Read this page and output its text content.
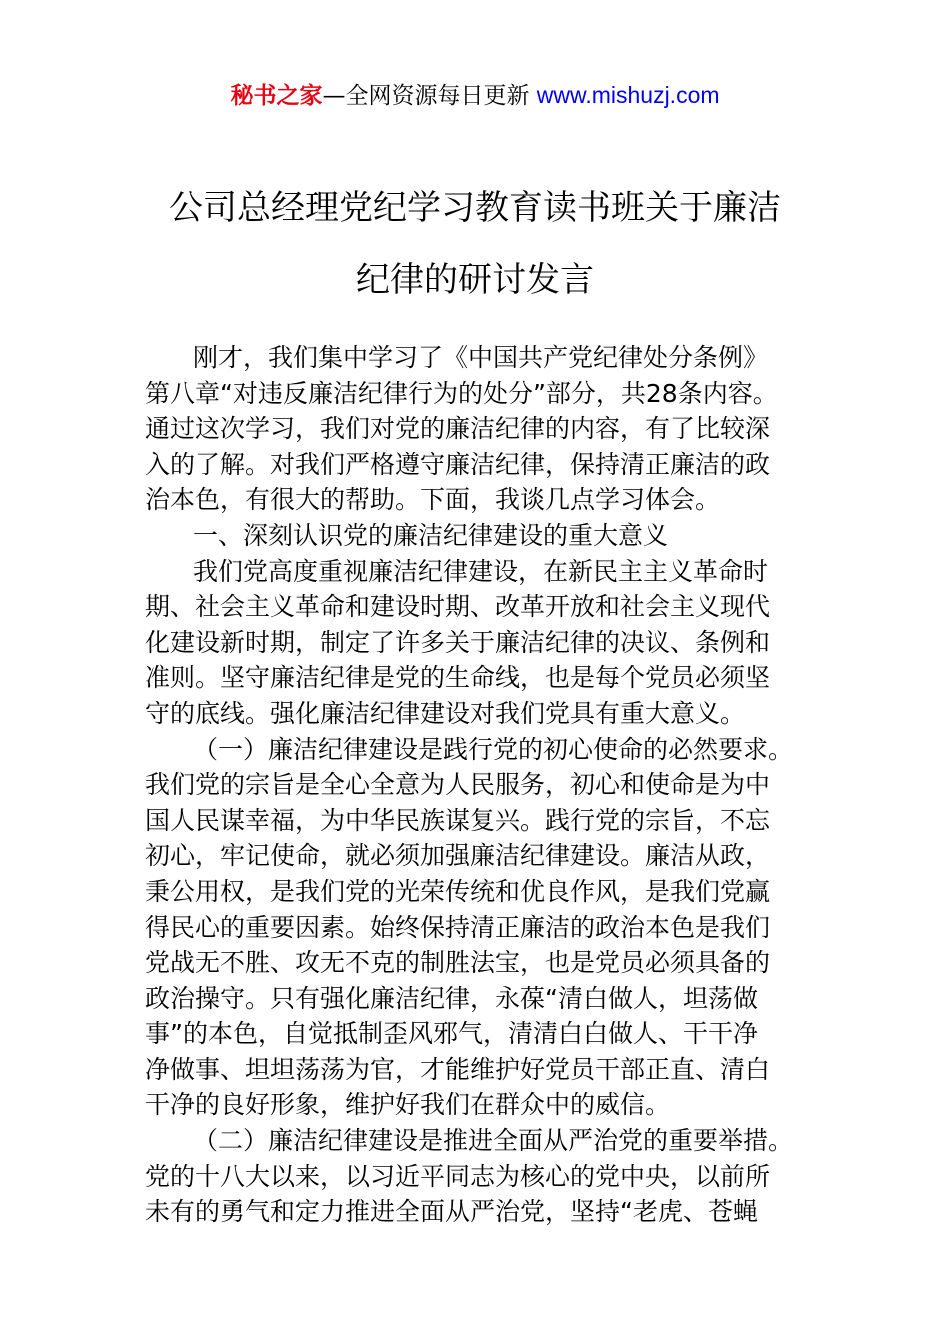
秘书之家—全网资源每日更新 www.mishuzj.com
公司总经理党纪学习教育读书班关于廉洁
纪律的研讨发言
刚才，我们集中学习了《中国共产党纪律处分条例》
第八章“对违反廉洁纪律行为的处分”部分，共28条内容。
通过这次学习，我们对党的廉洁纪律的内容，有了比较深
入的了解。对我们严格遵守廉洁纪律，保持清正廉洁的政
治本色，有很大的帮助。下面，我谈几点学习体会。
一、深刻认识党的廉洁纪律建设的重大意义
我们党高度重视廉洁纪律建设，在新民主主义革命时
期、社会主义革命和建设时期、改革开放和社会主义现代
化建设新时期，制定了许多关于廉洁纪律的决议、条例和
准则。坚守廉洁纪律是党的生命线，也是每个党员必须坚
守的底线。强化廉洁纪律建设对我们党具有重大意义。
（一）廉洁纪律建设是践行党的初心使命的必然要求。
我们党的宗旨是全心全意为人民服务，初心和使命是为中
国人民谋幸福，为中华民族谋复兴。践行党的宗旨，不忘
初心，牢记使命，就必须加强廉洁纪律建设。廉洁从政，
秉公用权，是我们党的光荣传统和优良作风，是我们党赢
得民心的重要因素。始终保持清正廉洁的政治本色是我们
党战无不胜、攻无不克的制胜法宝，也是党员必须具备的
政治操守。只有强化廉洁纪律，永葆“清白做人，坦荡做
事”的本色，自觉抵制歪风邪气，清清白白做人、干干净
净做事、坦坦荡荡为官，才能维护好党员干部正直、清白
干净的良好形象，维护好我们在群众中的威信。
（二）廉洁纪律建设是推进全面从严治党的重要举措。
党的十八大以来，以习近平同志为核心的党中央，以前所
未有的勇气和定力推进全面从严治党，坚持“老虎、苍蝇
